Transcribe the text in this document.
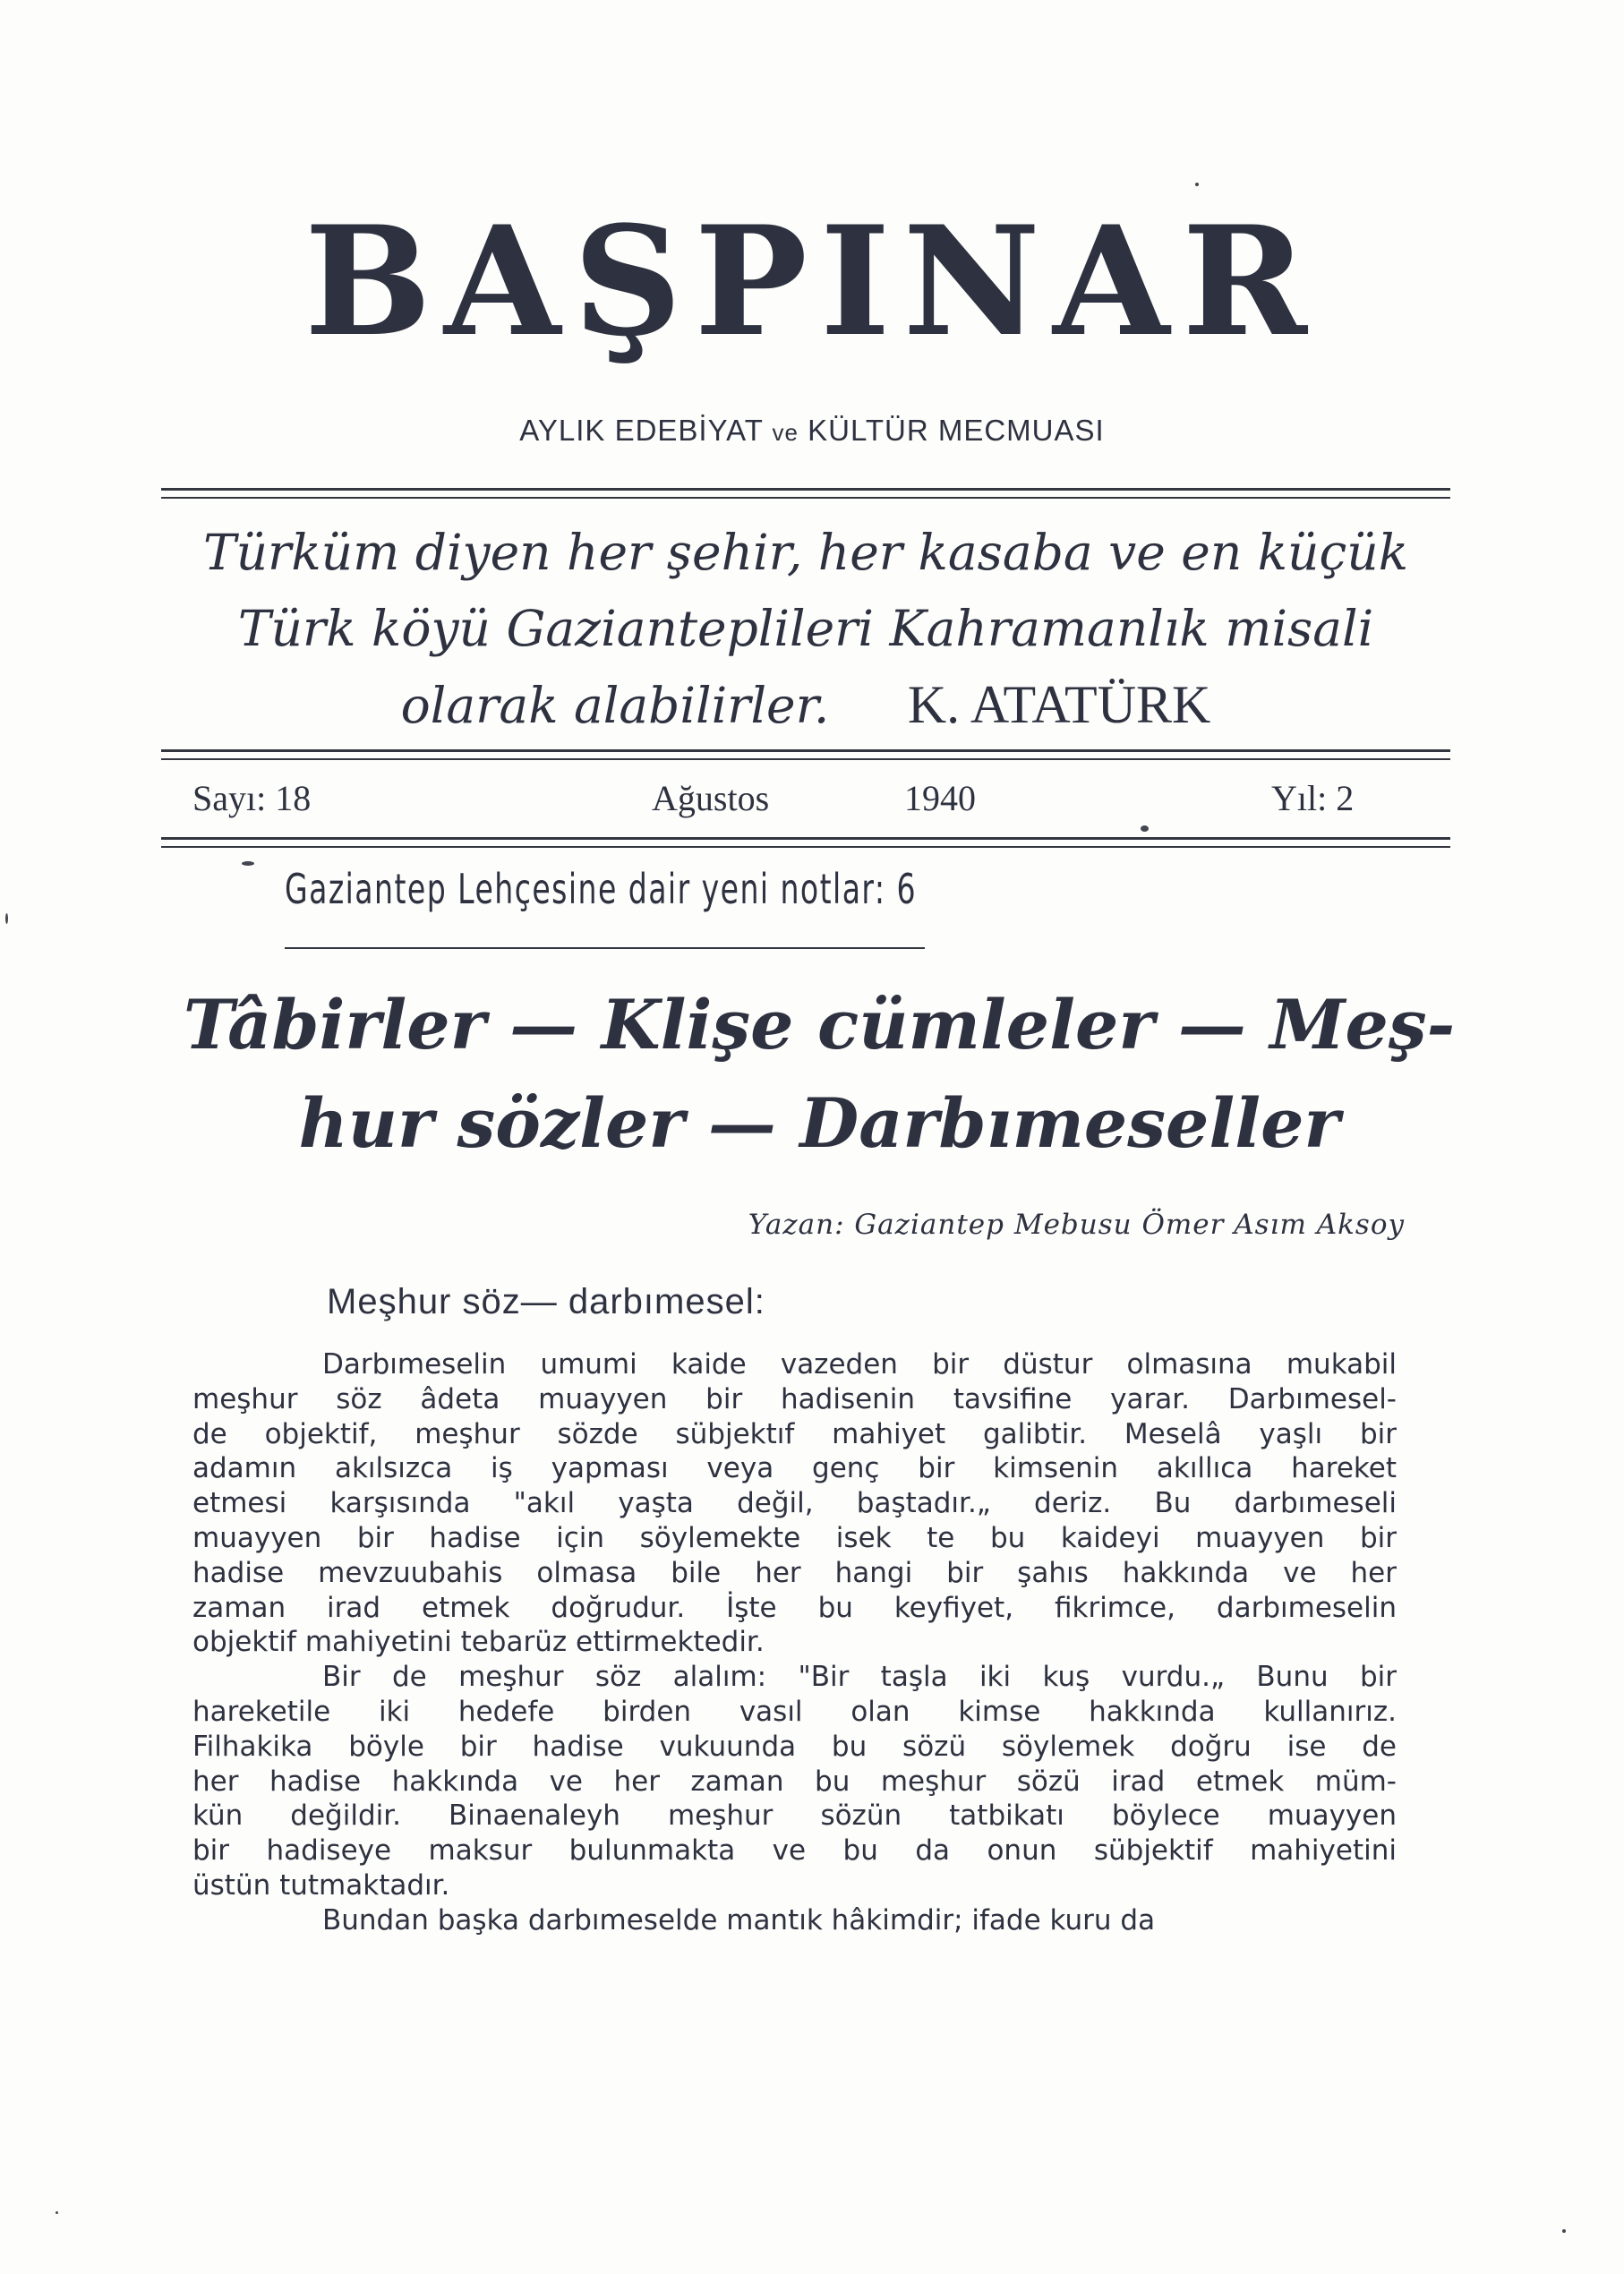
BAŞPINAR
AYLIK EDEBİYAT ve KÜLTÜR MECMUASI
Türküm diyen her şehir, her kasaba ve en küçük
Türk köyü Gazianteplileri Kahramanlık misali
olarak alabilirler. K. ATATÜRK
Sayı: 18	Ağustos	1940	Yıl: 2
Gaziantep Lehçesine dair yeni notlar: 6
Tâbirler — Klişe cümleler — Meş-
hur sözler — Darbımeseller
Yazan: Gaziantep Mebusu Ömer Asım Aksoy
Meşhur söz— darbımesel:
Darbımeselin umumi kaide vazeden bir düstur olmasına mukabil
meşhur söz âdeta muayyen bir hadisenin tavsifine yarar. Darbımesel-
de objektif, meşhur sözde sübjektıf mahiyet galibtir. Meselâ yaşlı bir
adamın akılsızca iş yapması veya genç bir kimsenin akıllıca hareket
etmesi karşısında "akıl yaşta değil, baştadır.„ deriz. Bu darbımeseli
muayyen bir hadise için söylemekte isek te bu kaideyi muayyen bir
hadise mevzuubahis olmasa bile her hangi bir şahıs hakkında ve her
zaman irad etmek doğrudur. İşte bu keyfiyet, fikrimce, darbımeselin
objektif mahiyetini tebarüz ettirmektedir.
Bir de meşhur söz alalım: "Bir taşla iki kuş vurdu.„ Bunu bir
hareketile iki hedefe birden vasıl olan kimse hakkında kullanırız.
Filhakika böyle bir hadise vukuunda bu sözü söylemek doğru ise de
her hadise hakkında ve her zaman bu meşhur sözü irad etmek müm-
kün değildir. Binaenaleyh meşhur sözün tatbikatı böylece muayyen
bir hadiseye maksur bulunmakta ve bu da onun sübjektif mahiyetini
üstün tutmaktadır.
Bundan başka darbımeselde mantık hâkimdir; ifade kuru da
